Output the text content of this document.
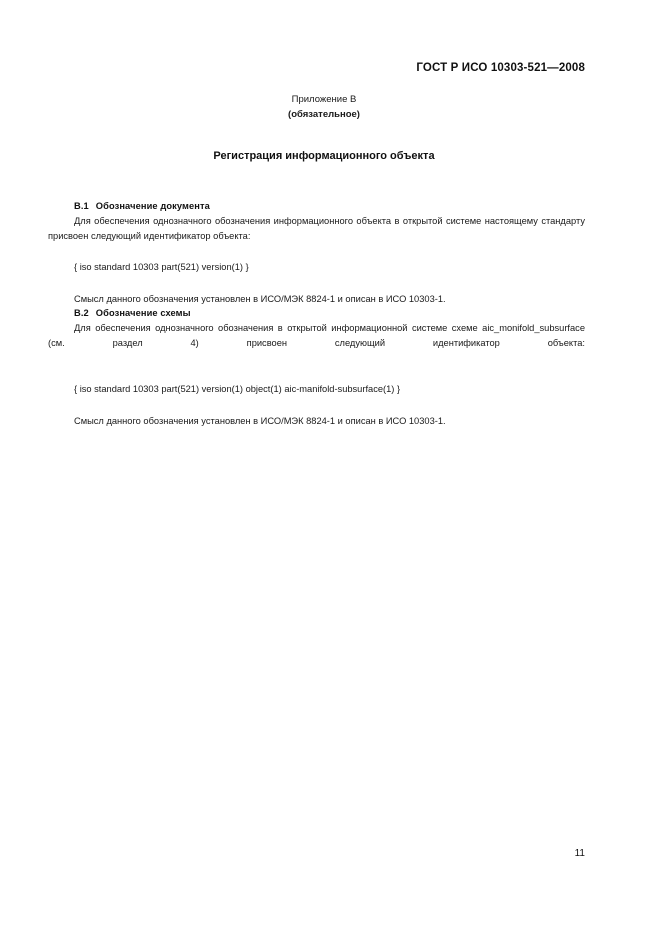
ГОСТ Р ИСО 10303-521—2008
Приложение В
(обязательное)
Регистрация информационного объекта
В.1 Обозначение документа

Для обеспечения однозначного обозначения информационного объекта в открытой системе настоящему стандарту присвоен следующий идентификатор объекта:

{ iso standard 10303 part(521) version(1) }

Смысл данного обозначения установлен в ИСО/МЭК 8824-1 и описан в ИСО 10303-1.

В.2 Обозначение схемы

Для обеспечения однозначного обозначения в открытой информационной системе схеме aic_monifold_subsurface (см. раздел 4) присвоен следующий идентификатор объекта:

{ iso standard 10303 part(521) version(1) object(1) aic-manifold-subsurface(1) }

Смысл данного обозначения установлен в ИСО/МЭК 8824-1 и описан в ИСО 10303-1.

11
